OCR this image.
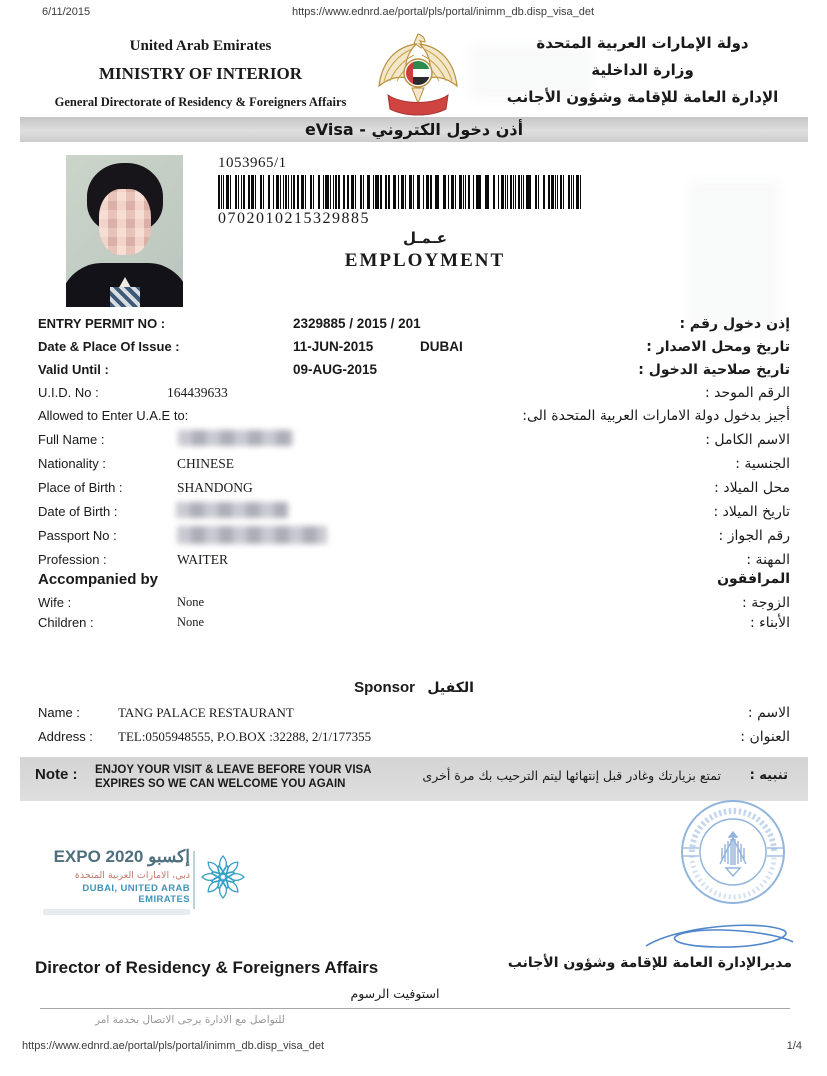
6/11/2015	https://www.ednrd.ae/portal/pls/portal/inimm_db.disp_visa_det
United Arab Emirates
MINISTRY OF INTERIOR
General Directorate of Residency & Foreigners Affairs
دولة الإمارات العربية المتحدة
وزارة الداخلية
الإدارة العامة للإقامة وشؤون الأجانب
أذن دخول الكتروني - eVisa
1053965/1
0702010215329885
عـمـل
EMPLOYMENT
ENTRY PERMIT NO :	2329885 / 2015 / 201	إذن دخول رقم :
Date & Place Of Issue :	11-JUN-2015	DUBAI	تاريخ ومحل الاصدار :
Valid Until :	09-AUG-2015	تاريخ صلاحية الدخول :
U.I.D. No :	164439633	الرقم الموحد :
Allowed to Enter U.A.E to:	أجيز بدخول دولة الامارات العربية المتحدة الى:
Full Name :	الاسم الكامل :
Nationality :	CHINESE	الجنسية :
Place of Birth :	SHANDONG	محل الميلاد :
Date of Birth :	تاريخ الميلاد :
Passport No :	رقم الجواز :
Profession :	WAITER	المهنة :
Accompanied by	المرافقون
Wife :	None	الزوجة :
Children :	None	الأبناء :
Sponsor الكفيل
Name :	TANG PALACE RESTAURANT	الاسم :
Address : TEL:0505948555, P.O.BOX :32288, 2/1/177355	العنوان :
Note : ENJOY YOUR VISIT & LEAVE BEFORE YOUR VISA
EXPIRES SO WE CAN WELCOME YOU AGAIN
تمتع بزيارتك وغادر قبل إنتهائها ليتم الترحيب بك مرة أخرى تنبيه :
EXPO 2020 إكسبو
دبي، الامارات العربية المتحدة
DUBAI, UNITED ARAB EMIRATES
Director of Residency & Foreigners Affairs	مديرالإدارة العامة للإقامة وشؤون الأجانب
استوفيت الرسوم
للتواصل مع الادارة يرجى الاتصال بخدمة امر
https://www.ednrd.ae/portal/pls/portal/inimm_db.disp_visa_det	1/4
